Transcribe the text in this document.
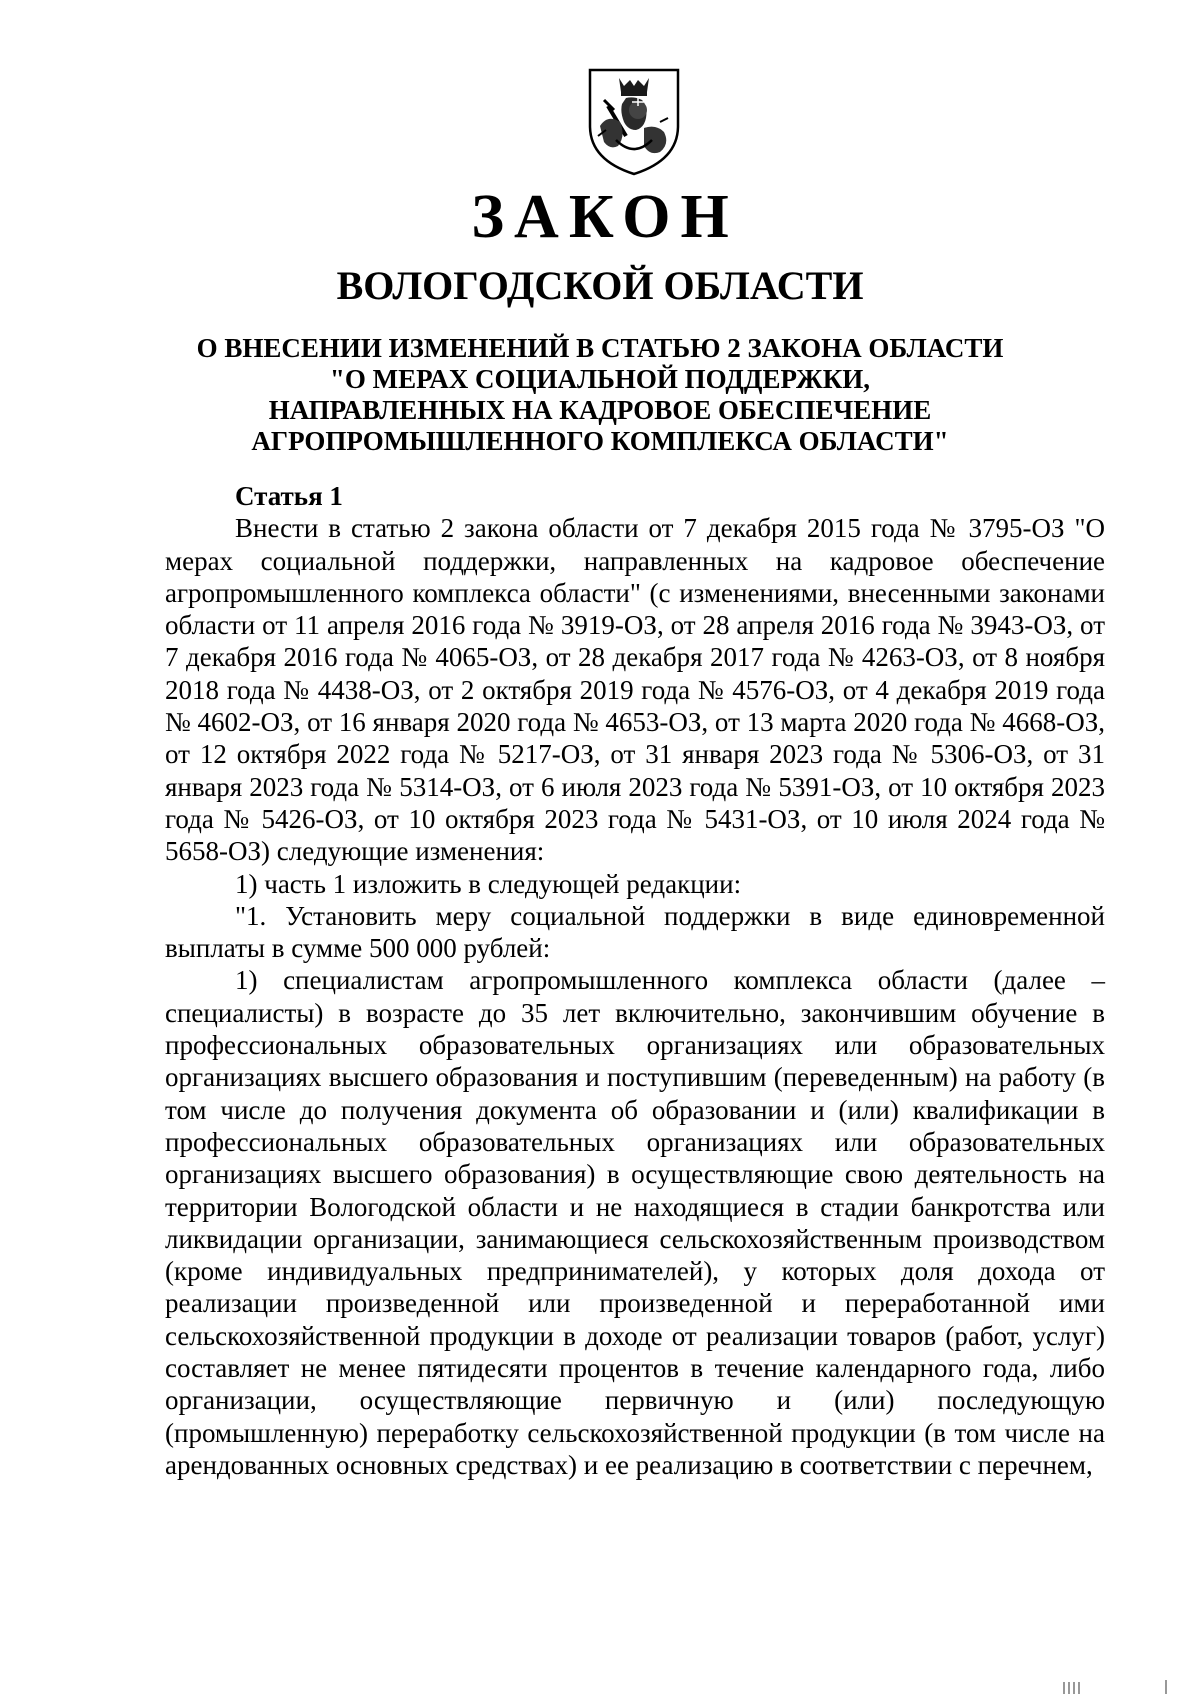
ЗАКОН
ВОЛОГОДСКОЙ ОБЛАСТИ
О ВНЕСЕНИИ ИЗМЕНЕНИЙ В СТАТЬЮ 2 ЗАКОНА ОБЛАСТИ
"О МЕРАХ СОЦИАЛЬНОЙ ПОДДЕРЖКИ,
НАПРАВЛЕННЫХ НА КАДРОВОЕ ОБЕСПЕЧЕНИЕ
АГРОПРОМЫШЛЕННОГО КОМПЛЕКСА ОБЛАСТИ"

Статья 1

Внести в статью 2 закона области от 7 декабря 2015 года № 3795-ОЗ "О мерах социальной поддержки, направленных на кадровое обеспечение агропромышленного комплекса области" (с изменениями, внесенными законами области от 11 апреля 2016 года № 3919-ОЗ, от 28 апреля 2016 года № 3943-ОЗ, от 7 декабря 2016 года № 4065-ОЗ, от 28 декабря 2017 года № 4263-ОЗ, от 8 ноября 2018 года № 4438-ОЗ, от 2 октября 2019 года № 4576-ОЗ, от 4 декабря 2019 года № 4602-ОЗ, от 16 января 2020 года № 4653-ОЗ, от 13 марта 2020 года № 4668-ОЗ, от 12 октября 2022 года № 5217-ОЗ, от 31 января 2023 года № 5306-ОЗ, от 31 января 2023 года № 5314-ОЗ, от 6 июля 2023 года № 5391-ОЗ, от 10 октября 2023 года № 5426-ОЗ, от 10 октября 2023 года № 5431-ОЗ, от 10 июля 2024 года № 5658-ОЗ) следующие изменения:

1) часть 1 изложить в следующей редакции:

"1. Установить меру социальной поддержки в виде единовременной выплаты в сумме 500 000 рублей:

1) специалистам агропромышленного комплекса области (далее – специалисты) в возрасте до 35 лет включительно, закончившим обучение в профессиональных образовательных организациях или образовательных организациях высшего образования и поступившим (переведенным) на работу (в том числе до получения документа об образовании и (или) квалификации в профессиональных образовательных организациях или образовательных организациях высшего образования) в осуществляющие свою деятельность на территории Вологодской области и не находящиеся в стадии банкротства или ликвидации организации, занимающиеся сельскохозяйственным производством (кроме индивидуальных предпринимателей), у которых доля дохода от реализации произведенной или произведенной и переработанной ими сельскохозяйственной продукции в доходе от реализации товаров (работ, услуг) составляет не менее пятидесяти процентов в течение календарного года, либо организации, осуществляющие первичную и (или) последующую (промышленную) переработку сельскохозяйственной продукции (в том числе на арендованных основных средствах) и ее реализацию в соответствии с перечнем,
